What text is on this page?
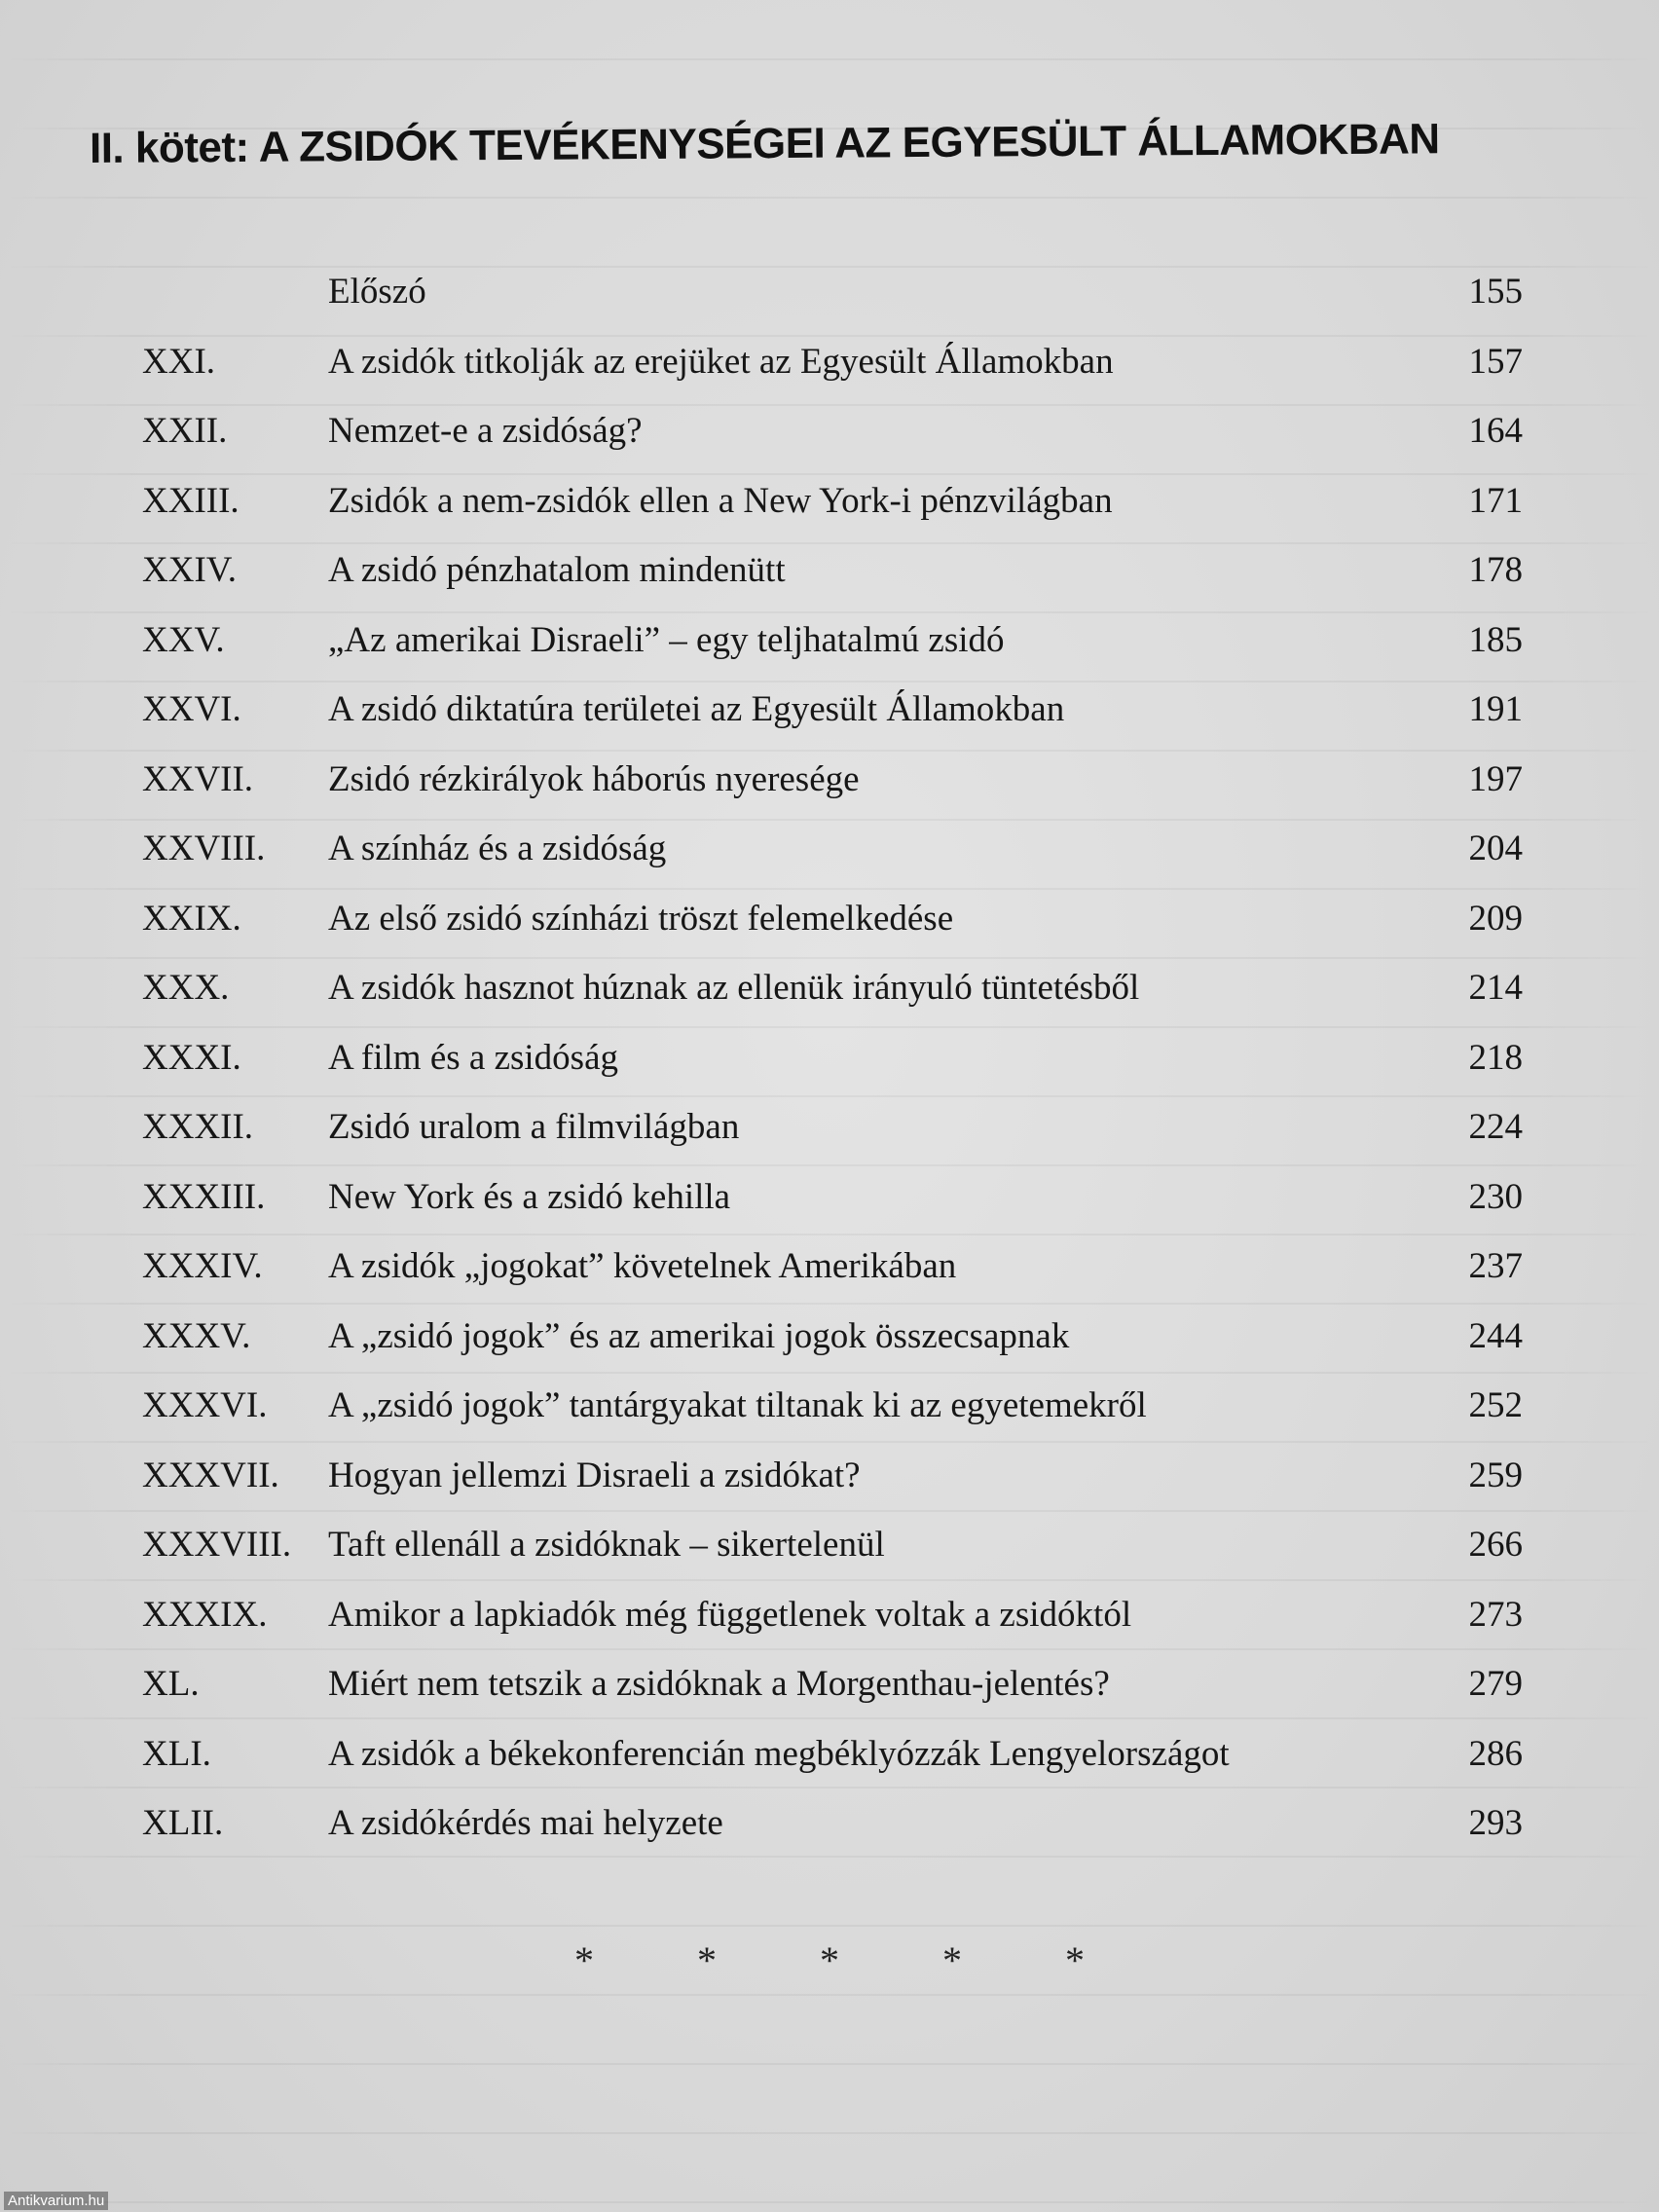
II. kötet: A ZSIDÓK TEVÉKENYSÉGEI AZ EGYESÜLT ÁLLAMOKBAN
Előszó	155
XXI.	A zsidók titkolják az erejüket az Egyesült Államokban	157
XXII.	Nemzet-e a zsidóság?	164
XXIII. Zsidók a nem-zsidók ellen a New York-i pénzvilágban	171
XXIV.	A zsidó pénzhatalom mindenütt	178
XXV.	„Az amerikai Disraeli” – egy teljhatalmú zsidó	185
XXVI. A zsidó diktatúra területei az Egyesült Államokban	191
XXVII. Zsidó rézkirályok háborús nyeresége	197
XXVIII. A színház és a zsidóság	204
XXIX. Az első zsidó színházi tröszt felemelkedése	209
XXX.	A zsidók hasznot húznak az ellenük irányuló tüntetésből	214
XXXI. A film és a zsidóság	218
XXXII. Zsidó uralom a filmvilágban	224
XXXIII. New York és a zsidó kehilla	230
XXXIV. A zsidók „jogokat” követelnek Amerikában	237
XXXV. A „zsidó jogok” és az amerikai jogok összecsapnak	244
XXXVI. A „zsidó jogok” tantárgyakat tiltanak ki az egyetemekről	252
XXXVII. Hogyan jellemzi Disraeli a zsidókat?	259
XXXVIII. Taft ellenáll a zsidóknak – sikertelenül	266
XXXIX. Amikor a lapkiadók még függetlenek voltak a zsidóktól	273
XL.	Miért nem tetszik a zsidóknak a Morgenthau-jelentés?	279
XLI.	A zsidók a békekonferencián megbéklyózzák Lengyelországot	286
XLII.	A zsidókérdés mai helyzete	293
* * * * *
Antikvarium.hu
